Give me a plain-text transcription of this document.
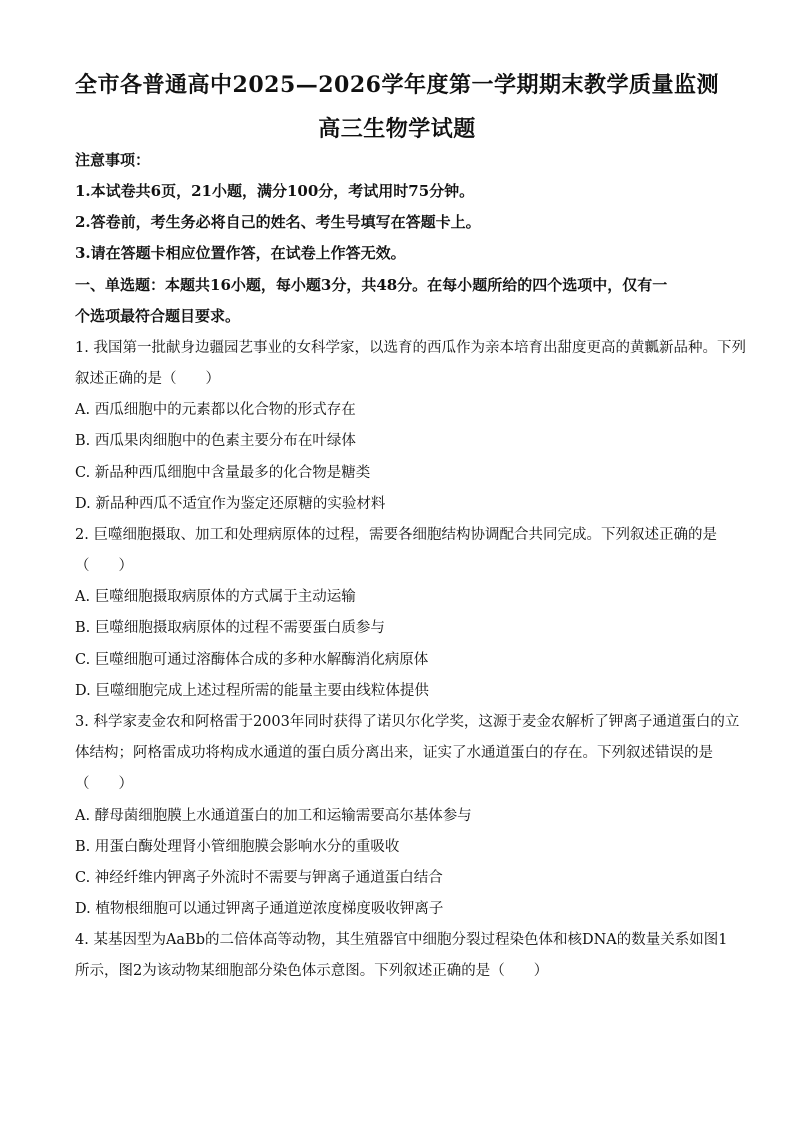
全市各普通高中2025—2026学年度第一学期期末教学质量监测
高三生物学试题
注意事项：
1.本试卷共6页，21小题，满分100分，考试用时75分钟。
2.答卷前，考生务必将自己的姓名、考生号填写在答题卡上。
3.请在答题卡相应位置作答，在试卷上作答无效。
一、单选题：本题共16小题，每小题3分，共48分。在每小题所给的四个选项中，仅有一
个选项最符合题目要求。
1. 我国第一批献身边疆园艺事业的女科学家，以选育的西瓜作为亲本培育出甜度更高的黄瓤新品种。下列
叙述正确的是（　　）
A. 西瓜细胞中的元素都以化合物的形式存在
B. 西瓜果肉细胞中的色素主要分布在叶绿体
C. 新品种西瓜细胞中含量最多的化合物是糖类
D. 新品种西瓜不适宜作为鉴定还原糖的实验材料
2. 巨噬细胞摄取、加工和处理病原体的过程，需要各细胞结构协调配合共同完成。下列叙述正确的是
（　　）
A. 巨噬细胞摄取病原体的方式属于主动运输
B. 巨噬细胞摄取病原体的过程不需要蛋白质参与
C. 巨噬细胞可通过溶酶体合成的多种水解酶消化病原体
D. 巨噬细胞完成上述过程所需的能量主要由线粒体提供
3. 科学家麦金农和阿格雷于2003年同时获得了诺贝尔化学奖，这源于麦金农解析了钾离子通道蛋白的立
体结构；阿格雷成功将构成水通道的蛋白质分离出来，证实了水通道蛋白的存在。下列叙述错误的是
（　　）
A. 酵母菌细胞膜上水通道蛋白的加工和运输需要高尔基体参与
B. 用蛋白酶处理肾小管细胞膜会影响水分的重吸收
C. 神经纤维内钾离子外流时不需要与钾离子通道蛋白结合
D. 植物根细胞可以通过钾离子通道逆浓度梯度吸收钾离子
4. 某基因型为AaBb的二倍体高等动物，其生殖器官中细胞分裂过程染色体和核DNA的数量关系如图1
所示，图2为该动物某细胞部分染色体示意图。下列叙述正确的是（　　）
